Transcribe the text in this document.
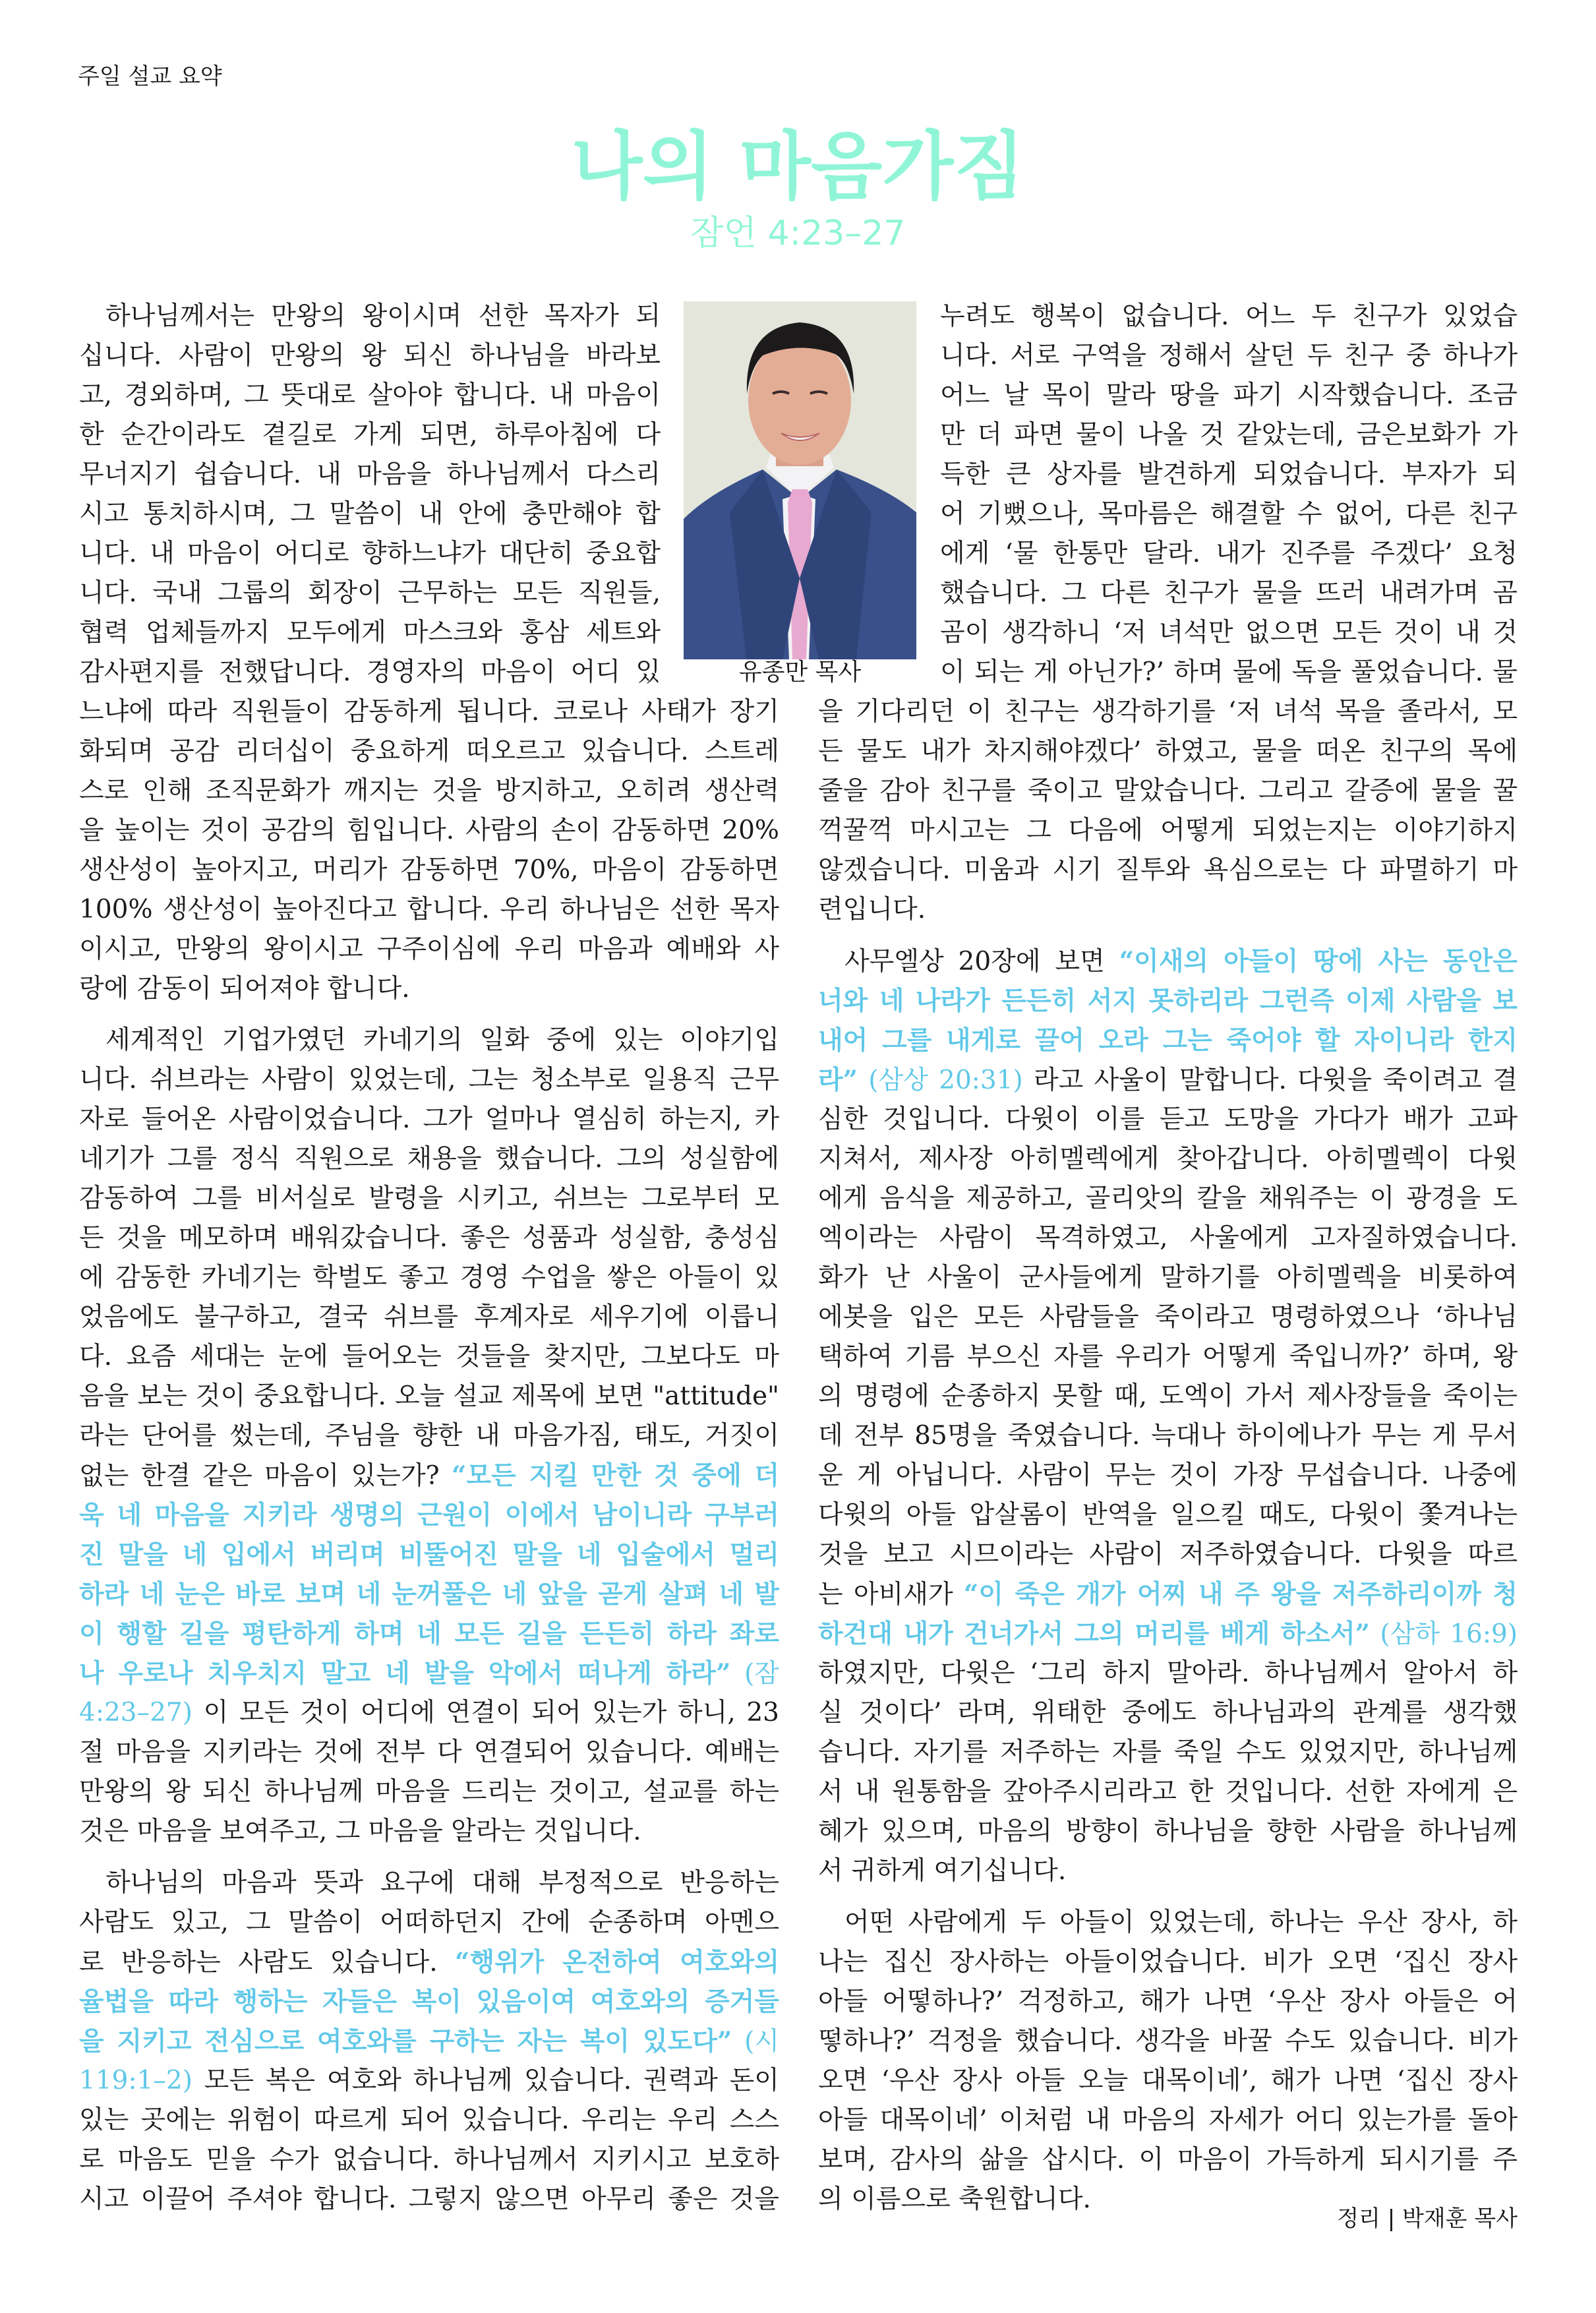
주일 설교 요약
나의 마음가짐
잠언 4:23–27
유종만 목사
하나님께서는 만왕의 왕이시며 선한 목자가 되
십니다. 사람이 만왕의 왕 되신 하나님을 바라보
고, 경외하며, 그 뜻대로 살아야 합니다. 내 마음이
한 순간이라도 곁길로 가게 되면, 하루아침에 다
무너지기 쉽습니다. 내 마음을 하나님께서 다스리
시고 통치하시며, 그 말씀이 내 안에 충만해야 합
니다. 내 마음이 어디로 향하느냐가 대단히 중요합
니다. 국내 그룹의 회장이 근무하는 모든 직원들,
협력 업체들까지 모두에게 마스크와 홍삼 세트와
감사편지를 전했답니다. 경영자의 마음이 어디 있
느냐에 따라 직원들이 감동하게 됩니다. 코로나 사태가 장기
화되며 공감 리더십이 중요하게 떠오르고 있습니다. 스트레
스로 인해 조직문화가 깨지는 것을 방지하고, 오히려 생산력
을 높이는 것이 공감의 힘입니다. 사람의 손이 감동하면 20%
생산성이 높아지고, 머리가 감동하면 70%, 마음이 감동하면
100% 생산성이 높아진다고 합니다. 우리 하나님은 선한 목자
이시고, 만왕의 왕이시고 구주이심에 우리 마음과 예배와 사
랑에 감동이 되어져야 합니다.
세계적인 기업가였던 카네기의 일화 중에 있는 이야기입
니다. 쉬브라는 사람이 있었는데, 그는 청소부로 일용직 근무
자로 들어온 사람이었습니다. 그가 얼마나 열심히 하는지, 카
네기가 그를 정식 직원으로 채용을 했습니다. 그의 성실함에
감동하여 그를 비서실로 발령을 시키고, 쉬브는 그로부터 모
든 것을 메모하며 배워갔습니다. 좋은 성품과 성실함, 충성심
에 감동한 카네기는 학벌도 좋고 경영 수업을 쌓은 아들이 있
었음에도 불구하고, 결국 쉬브를 후계자로 세우기에 이릅니
다. 요즘 세대는 눈에 들어오는 것들을 찾지만, 그보다도 마
음을 보는 것이 중요합니다. 오늘 설교 제목에 보면 "attitude"
라는 단어를 썼는데, 주님을 향한 내 마음가짐, 태도, 거짓이
없는 한결 같은 마음이 있는가? “모든 지킬 만한 것 중에 더
욱 네 마음을 지키라 생명의 근원이 이에서 남이니라 구부러
진 말을 네 입에서 버리며 비뚤어진 말을 네 입술에서 멀리
하라 네 눈은 바로 보며 네 눈꺼풀은 네 앞을 곧게 살펴 네 발
이 행할 길을 평탄하게 하며 네 모든 길을 든든히 하라 좌로
나 우로나 치우치지 말고 네 발을 악에서 떠나게 하라” (잠
4:23–27) 이 모든 것이 어디에 연결이 되어 있는가 하니, 23
절 마음을 지키라는 것에 전부 다 연결되어 있습니다. 예배는
만왕의 왕 되신 하나님께 마음을 드리는 것이고, 설교를 하는
것은 마음을 보여주고, 그 마음을 알라는 것입니다.
하나님의 마음과 뜻과 요구에 대해 부정적으로 반응하는
사람도 있고, 그 말씀이 어떠하던지 간에 순종하며 아멘으
로 반응하는 사람도 있습니다. “행위가 온전하여 여호와의
율법을 따라 행하는 자들은 복이 있음이여 여호와의 증거들
을 지키고 전심으로 여호와를 구하는 자는 복이 있도다” (시
119:1–2) 모든 복은 여호와 하나님께 있습니다. 권력과 돈이
있는 곳에는 위험이 따르게 되어 있습니다. 우리는 우리 스스
로 마음도 믿을 수가 없습니다. 하나님께서 지키시고 보호하
시고 이끌어 주셔야 합니다. 그렇지 않으면 아무리 좋은 것을
누려도 행복이 없습니다. 어느 두 친구가 있었습
니다. 서로 구역을 정해서 살던 두 친구 중 하나가
어느 날 목이 말라 땅을 파기 시작했습니다. 조금
만 더 파면 물이 나올 것 같았는데, 금은보화가 가
득한 큰 상자를 발견하게 되었습니다. 부자가 되
어 기뻤으나, 목마름은 해결할 수 없어, 다른 친구
에게 ‘물 한통만 달라. 내가 진주를 주겠다’ 요청
했습니다. 그 다른 친구가 물을 뜨러 내려가며 곰
곰이 생각하니 ‘저 녀석만 없으면 모든 것이 내 것
이 되는 게 아닌가?’ 하며 물에 독을 풀었습니다. 물
을 기다리던 이 친구는 생각하기를 ‘저 녀석 목을 졸라서, 모
든 물도 내가 차지해야겠다’ 하였고, 물을 떠온 친구의 목에
줄을 감아 친구를 죽이고 말았습니다. 그리고 갈증에 물을 꿀
꺽꿀꺽 마시고는 그 다음에 어떻게 되었는지는 이야기하지
않겠습니다. 미움과 시기 질투와 욕심으로는 다 파멸하기 마
련입니다.
사무엘상 20장에 보면 “이새의 아들이 땅에 사는 동안은
너와 네 나라가 든든히 서지 못하리라 그런즉 이제 사람을 보
내어 그를 내게로 끌어 오라 그는 죽어야 할 자이니라 한지
라” (삼상 20:31) 라고 사울이 말합니다. 다윗을 죽이려고 결
심한 것입니다. 다윗이 이를 듣고 도망을 가다가 배가 고파
지쳐서, 제사장 아히멜렉에게 찾아갑니다. 아히멜렉이 다윗
에게 음식을 제공하고, 골리앗의 칼을 채워주는 이 광경을 도
엑이라는 사람이 목격하였고, 사울에게 고자질하였습니다.
화가 난 사울이 군사들에게 말하기를 아히멜렉을 비롯하여
에봇을 입은 모든 사람들을 죽이라고 명령하였으나 ‘하나님
택하여 기름 부으신 자를 우리가 어떻게 죽입니까?’ 하며, 왕
의 명령에 순종하지 못할 때, 도엑이 가서 제사장들을 죽이는
데 전부 85명을 죽였습니다. 늑대나 하이에나가 무는 게 무서
운 게 아닙니다. 사람이 무는 것이 가장 무섭습니다. 나중에
다윗의 아들 압살롬이 반역을 일으킬 때도, 다윗이 쫓겨나는
것을 보고 시므이라는 사람이 저주하였습니다. 다윗을 따르
는 아비새가 “이 죽은 개가 어찌 내 주 왕을 저주하리이까 청
하건대 내가 건너가서 그의 머리를 베게 하소서” (삼하 16:9)
하였지만, 다윗은 ‘그리 하지 말아라. 하나님께서 알아서 하
실 것이다’ 라며, 위태한 중에도 하나님과의 관계를 생각했
습니다. 자기를 저주하는 자를 죽일 수도 있었지만, 하나님께
서 내 원통함을 갚아주시리라고 한 것입니다. 선한 자에게 은
혜가 있으며, 마음의 방향이 하나님을 향한 사람을 하나님께
서 귀하게 여기십니다.
어떤 사람에게 두 아들이 있었는데, 하나는 우산 장사, 하
나는 집신 장사하는 아들이었습니다. 비가 오면 ‘집신 장사
아들 어떻하나?’ 걱정하고, 해가 나면 ‘우산 장사 아들은 어
떻하나?’ 걱정을 했습니다. 생각을 바꿀 수도 있습니다. 비가
오면 ‘우산 장사 아들 오늘 대목이네’, 해가 나면 ‘집신 장사
아들 대목이네’ 이처럼 내 마음의 자세가 어디 있는가를 돌아
보며, 감사의 삶을 삽시다. 이 마음이 가득하게 되시기를 주
의 이름으로 축원합니다.
정리 | 박재훈 목사
